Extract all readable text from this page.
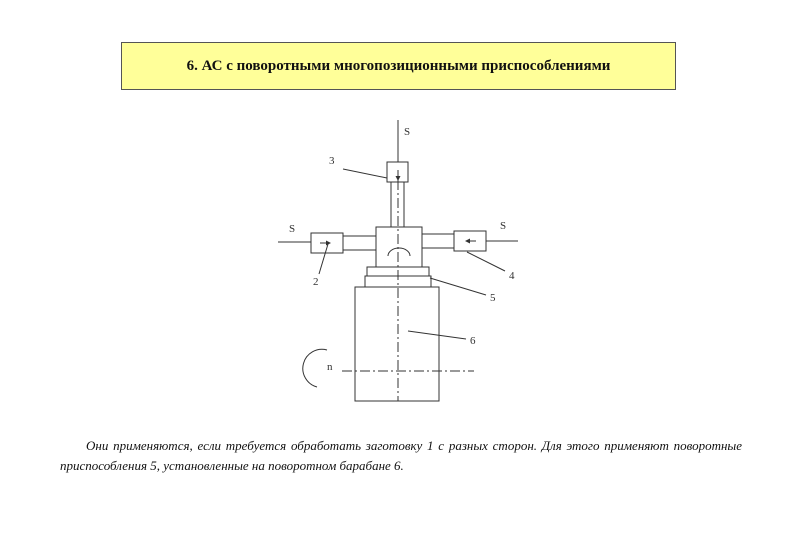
6. АС с поворотными многопозиционными приспособлениями
S
S	S
3
2	4
5
6
n

Они применяются, если требуется обработать заготовку 1 с разных сторон. Для этого применяют поворотные приспособления 5, установленные на поворотном барабане 6.
